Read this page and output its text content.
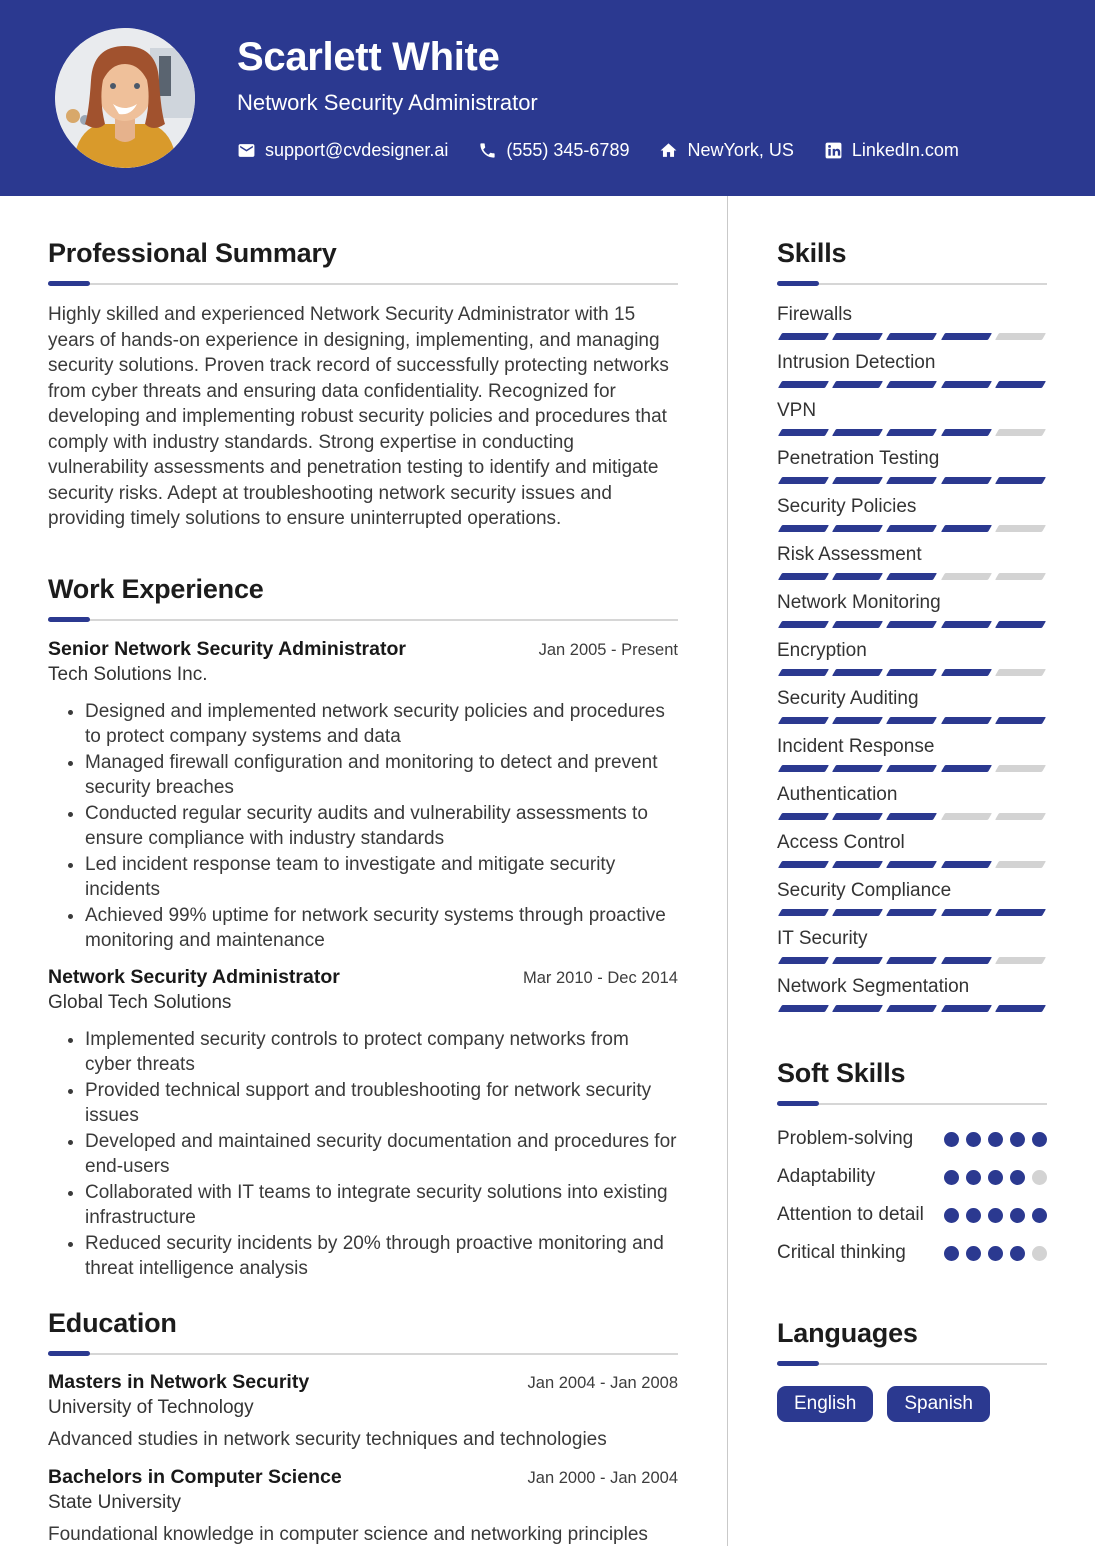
Scarlett White
Network Security Administrator
support@cvdesigner.ai	(555) 345-6789	NewYork, US	LinkedIn.com
Professional Summary
Highly skilled and experienced Network Security Administrator with 15 years of hands-on experience in designing, implementing, and managing security solutions. Proven track record of successfully protecting networks from cyber threats and ensuring data confidentiality. Recognized for developing and implementing robust security policies and procedures that comply with industry standards. Strong expertise in conducting vulnerability assessments and penetration testing to identify and mitigate security risks. Adept at troubleshooting network security issues and providing timely solutions to ensure uninterrupted operations.
Work Experience
Senior Network Security Administrator	Jan 2005 - Present
Tech Solutions Inc.
• Designed and implemented network security policies and procedures to protect company systems and data
• Managed firewall configuration and monitoring to detect and prevent security breaches
• Conducted regular security audits and vulnerability assessments to ensure compliance with industry standards
• Led incident response team to investigate and mitigate security incidents
• Achieved 99% uptime for network security systems through proactive monitoring and maintenance
Network Security Administrator	Mar 2010 - Dec 2014
Global Tech Solutions
• Implemented security controls to protect company networks from cyber threats
• Provided technical support and troubleshooting for network security issues
• Developed and maintained security documentation and procedures for end-users
• Collaborated with IT teams to integrate security solutions into existing infrastructure
• Reduced security incidents by 20% through proactive monitoring and threat intelligence analysis
Education
Masters in Network Security	Jan 2004 - Jan 2008
University of Technology
Advanced studies in network security techniques and technologies
Bachelors in Computer Science	Jan 2000 - Jan 2004
State University
Foundational knowledge in computer science and networking principles
Skills
Firewalls
Intrusion Detection
VPN
Penetration Testing
Security Policies
Risk Assessment
Network Monitoring
Encryption
Security Auditing
Incident Response
Authentication
Access Control
Security Compliance
IT Security
Network Segmentation
Soft Skills
Problem-solving
Adaptability
Attention to detail
Critical thinking
Languages
English	Spanish
